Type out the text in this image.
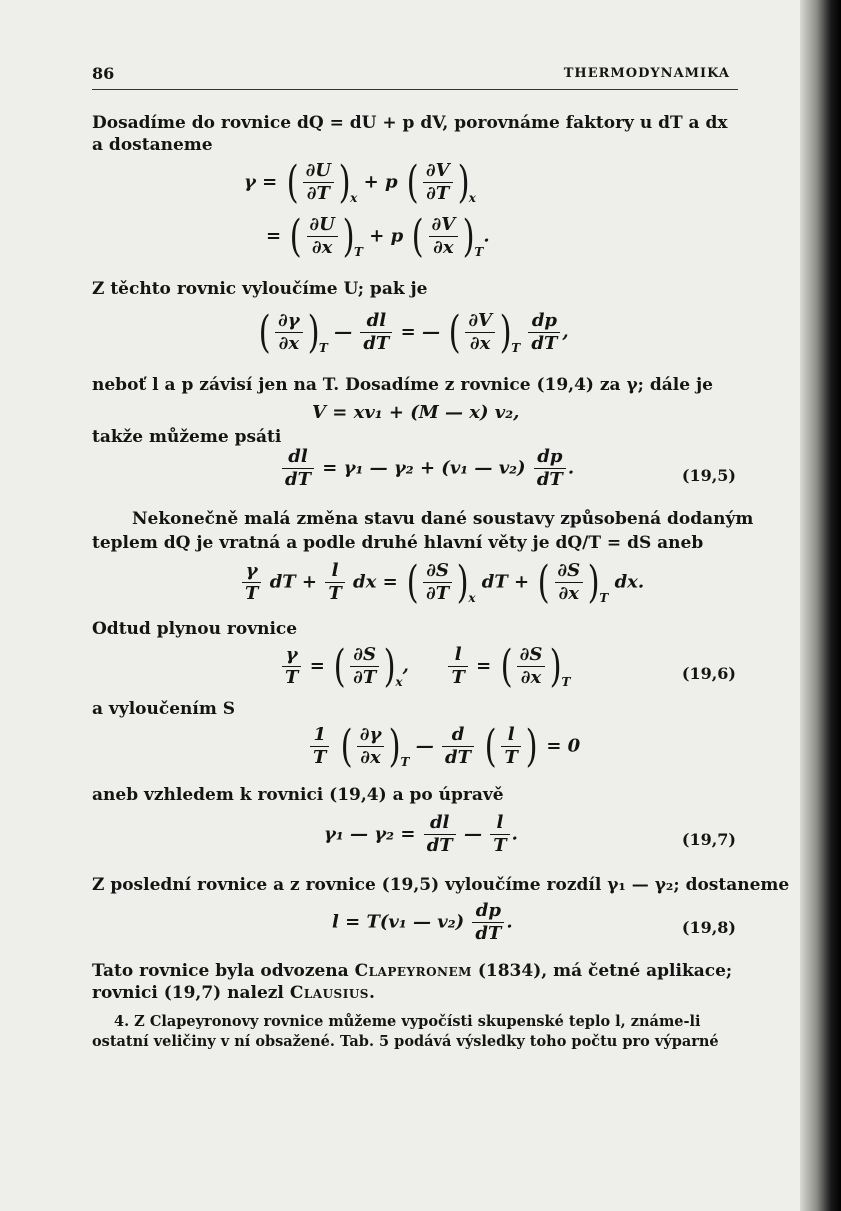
86	THERMODYNAMIKA
Dosadíme do rovnice dQ = dU + p dV, porovnáme faktory u dT a dx
a dostaneme
γ = ( $\frac{\partial U}{\partial T} )_x + p$ ( $\frac{\partial V}{\partial T} )_x$
= ( $\frac{\partial U}{\partial x} )_T + p$ ( $\frac{\partial V}{\partial x} )_T$.
Z těchto rovnic vyloučíme U; pak je
( $\frac{\partial\gamma}{\partial x} )_T$ — $\frac{dl}{dT}$ = — ( $\frac{\partial V}{\partial x} )_T \frac{dp}{dT}$ ,
neboť l a p závisí jen na T. Dosadíme z rovnice (19,4) za γ; dále je
V = xv₁ + (M — x) v₂,
takže můžeme psáti
$\frac{dl}{dT} = \gamma_1$ — γ₂ + (v₁ — $v_2) \frac{dp}{dT}$ .	(19,5)
Nekonečně malá změna stavu dané soustavy způsobená dodaným
teplem dQ je vratná a podle druhé hlavní věty je dQ/T = dS aneb
$\frac{\gamma}{T}$ dT + $\frac{l}{T}$ dx = ( $\frac{\partial S}{\partial T} )_x$ dT + ( $\frac{\partial S}{\partial x} )_T$ dx.
Odtud plynou rovnice
$\frac{\gamma}{T}$ = ( $\frac{\partial S}{\partial T} )_x$, $\frac{l}{T}$ = ( $\frac{\partial S}{\partial x} )_T$	(19,6)
a vyloučením S
$\frac{1}{T}$ ( $\frac{\partial\gamma}{\partial x} )_T$ — $\frac{d}{dT}$ ( $\frac{l}{T}$ ) = 0
aneb vzhledem k rovnici (19,4) a po úpravě
γ₁ — $\gamma_2 = \frac{dl}{dT}$ — $\frac{l}{T}$ .	(19,7)
Z poslední rovnice a z rovnice (19,5) vyloučíme rozdíl γ₁ — γ₂; dostaneme
l = T(v₁ — $v_2) \frac{dp}{dT}$ .	(19,8)
Tato rovnice byla odvozena Clapeyronem (1834), má četné aplikace;
rovnici (19,7) nalezl Clausius.
4. Z Clapeyronovy rovnice můžeme vypočísti skupenské teplo l, známe-li
ostatní veličiny v ní obsažené. Tab. 5 podává výsledky toho počtu pro výparné
